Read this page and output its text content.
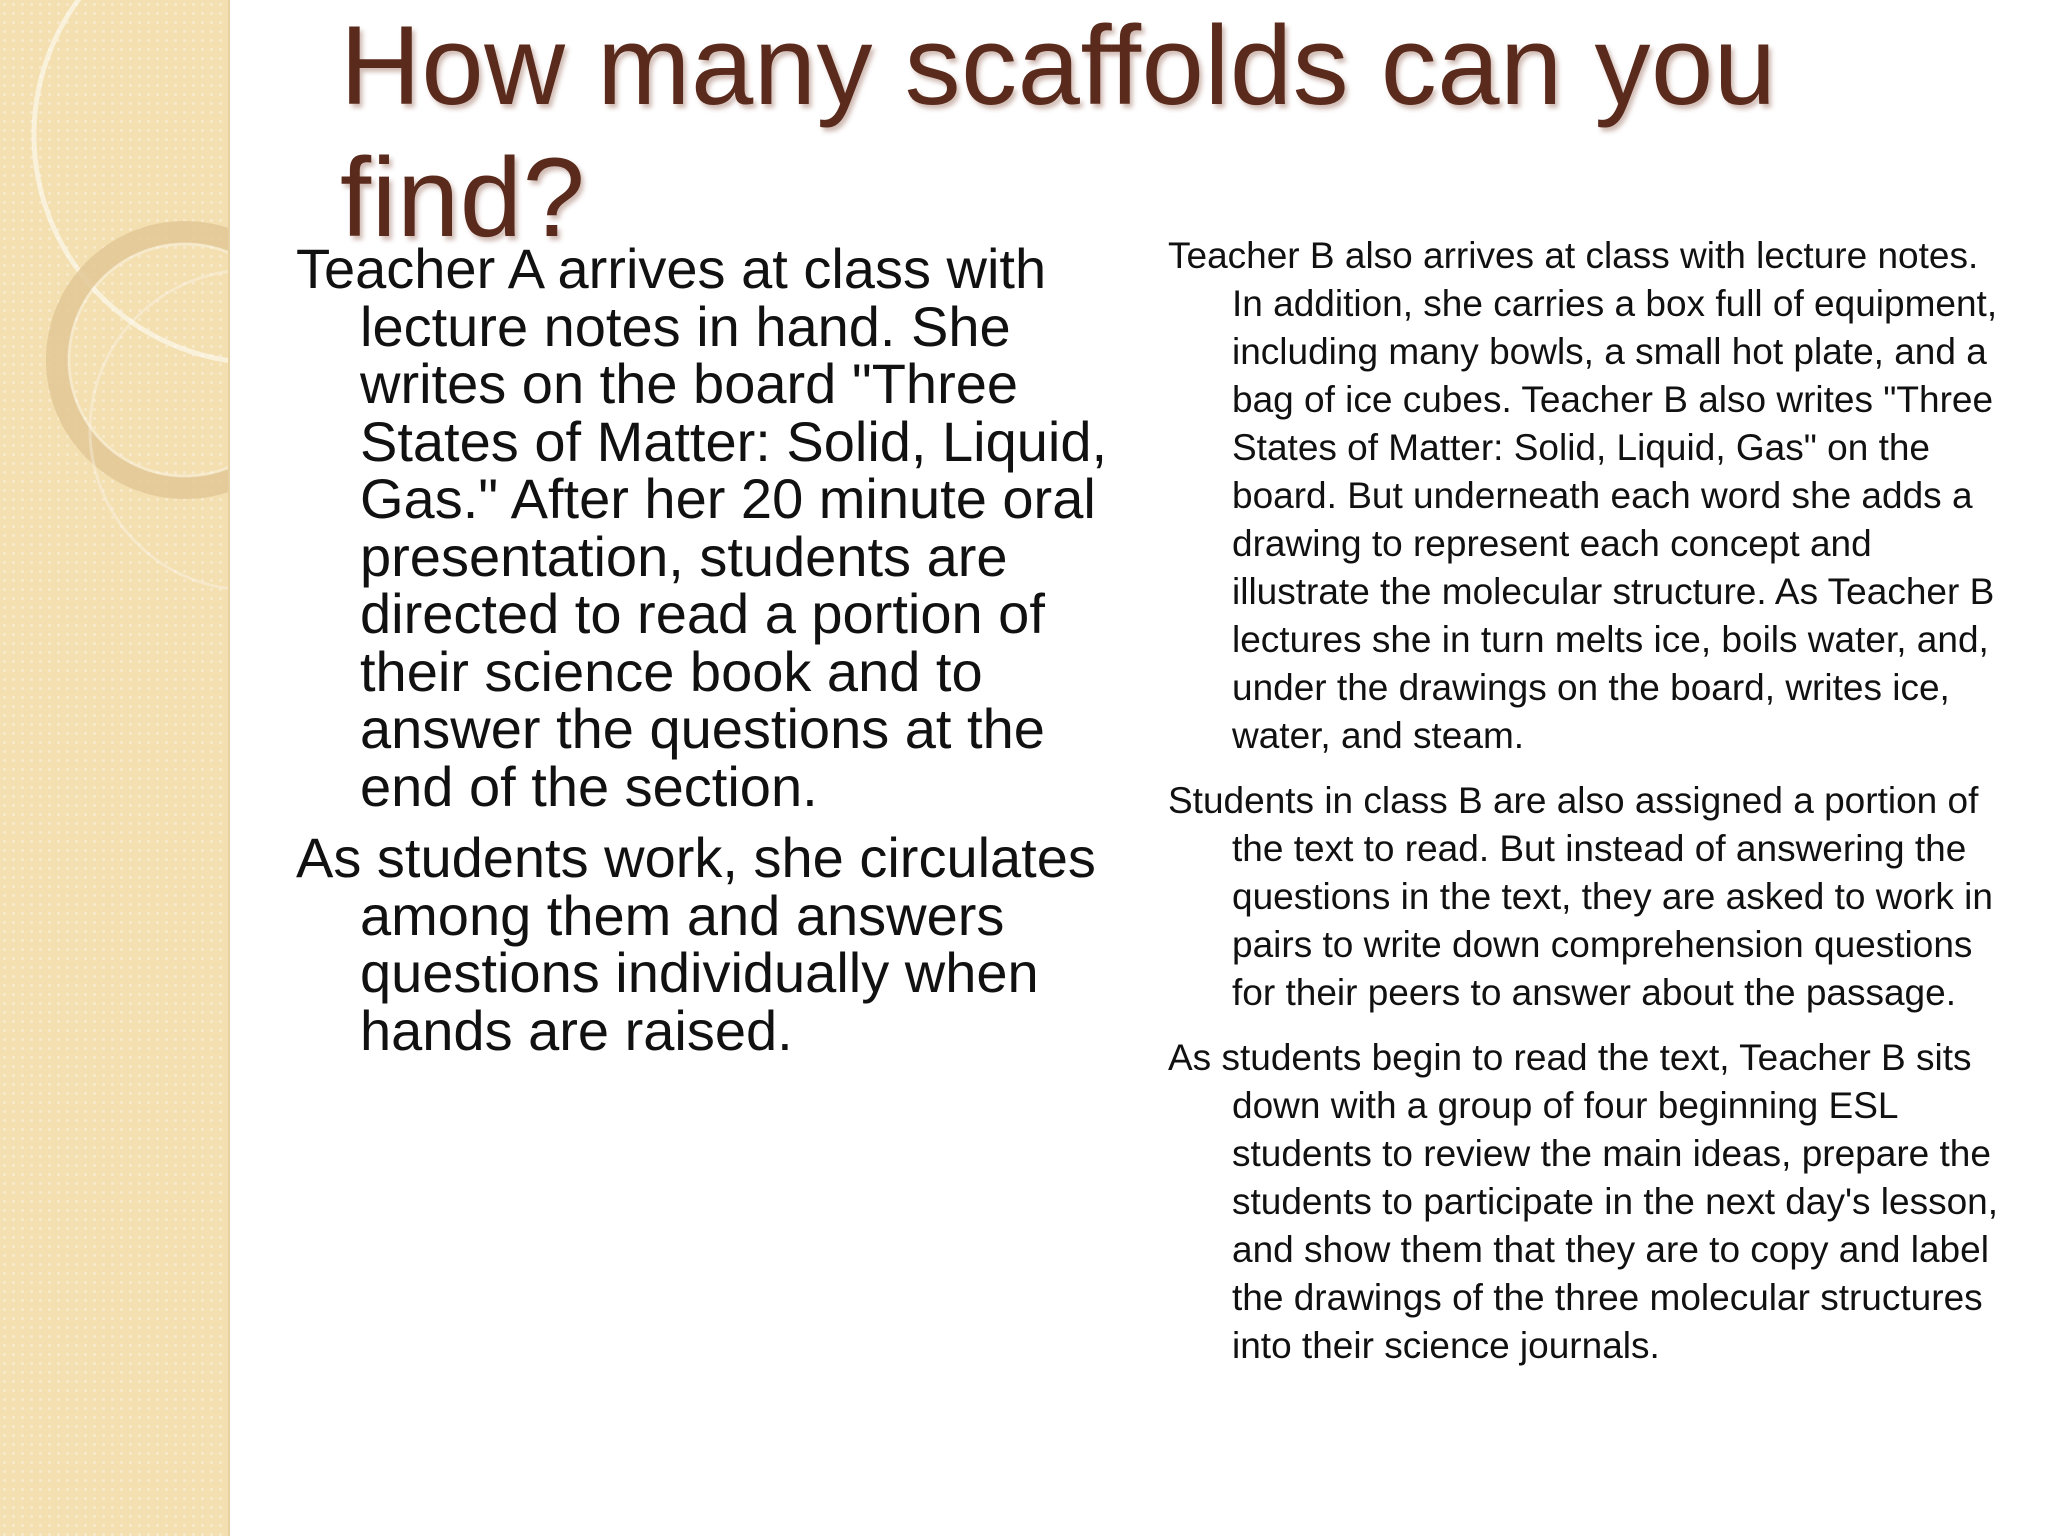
How many scaffolds can you find?

Teacher A arrives at class with lecture notes in hand. She writes on the board "Three States of Matter: Solid, Liquid, Gas." After her 20 minute oral presentation, students are directed to read a portion of their science book and to answer the questions at the end of the section.

As students work, she circulates among them and answers questions individually when hands are raised.

Teacher B also arrives at class with lecture notes. In addition, she carries a box full of equipment, including many bowls, a small hot plate, and a bag of ice cubes. Teacher B also writes "Three States of Matter: Solid, Liquid, Gas" on the board. But underneath each word she adds a drawing to represent each concept and illustrate the molecular structure. As Teacher B lectures she in turn melts ice, boils water, and, under the drawings on the board, writes ice, water, and steam.

Students in class B are also assigned a portion of the text to read. But instead of answering the questions in the text, they are asked to work in pairs to write down comprehension questions for their peers to answer about the passage.

As students begin to read the text, Teacher B sits down with a group of four beginning ESL students to review the main ideas, prepare the students to participate in the next day's lesson, and show them that they are to copy and label the drawings of the three molecular structures into their science journals.
